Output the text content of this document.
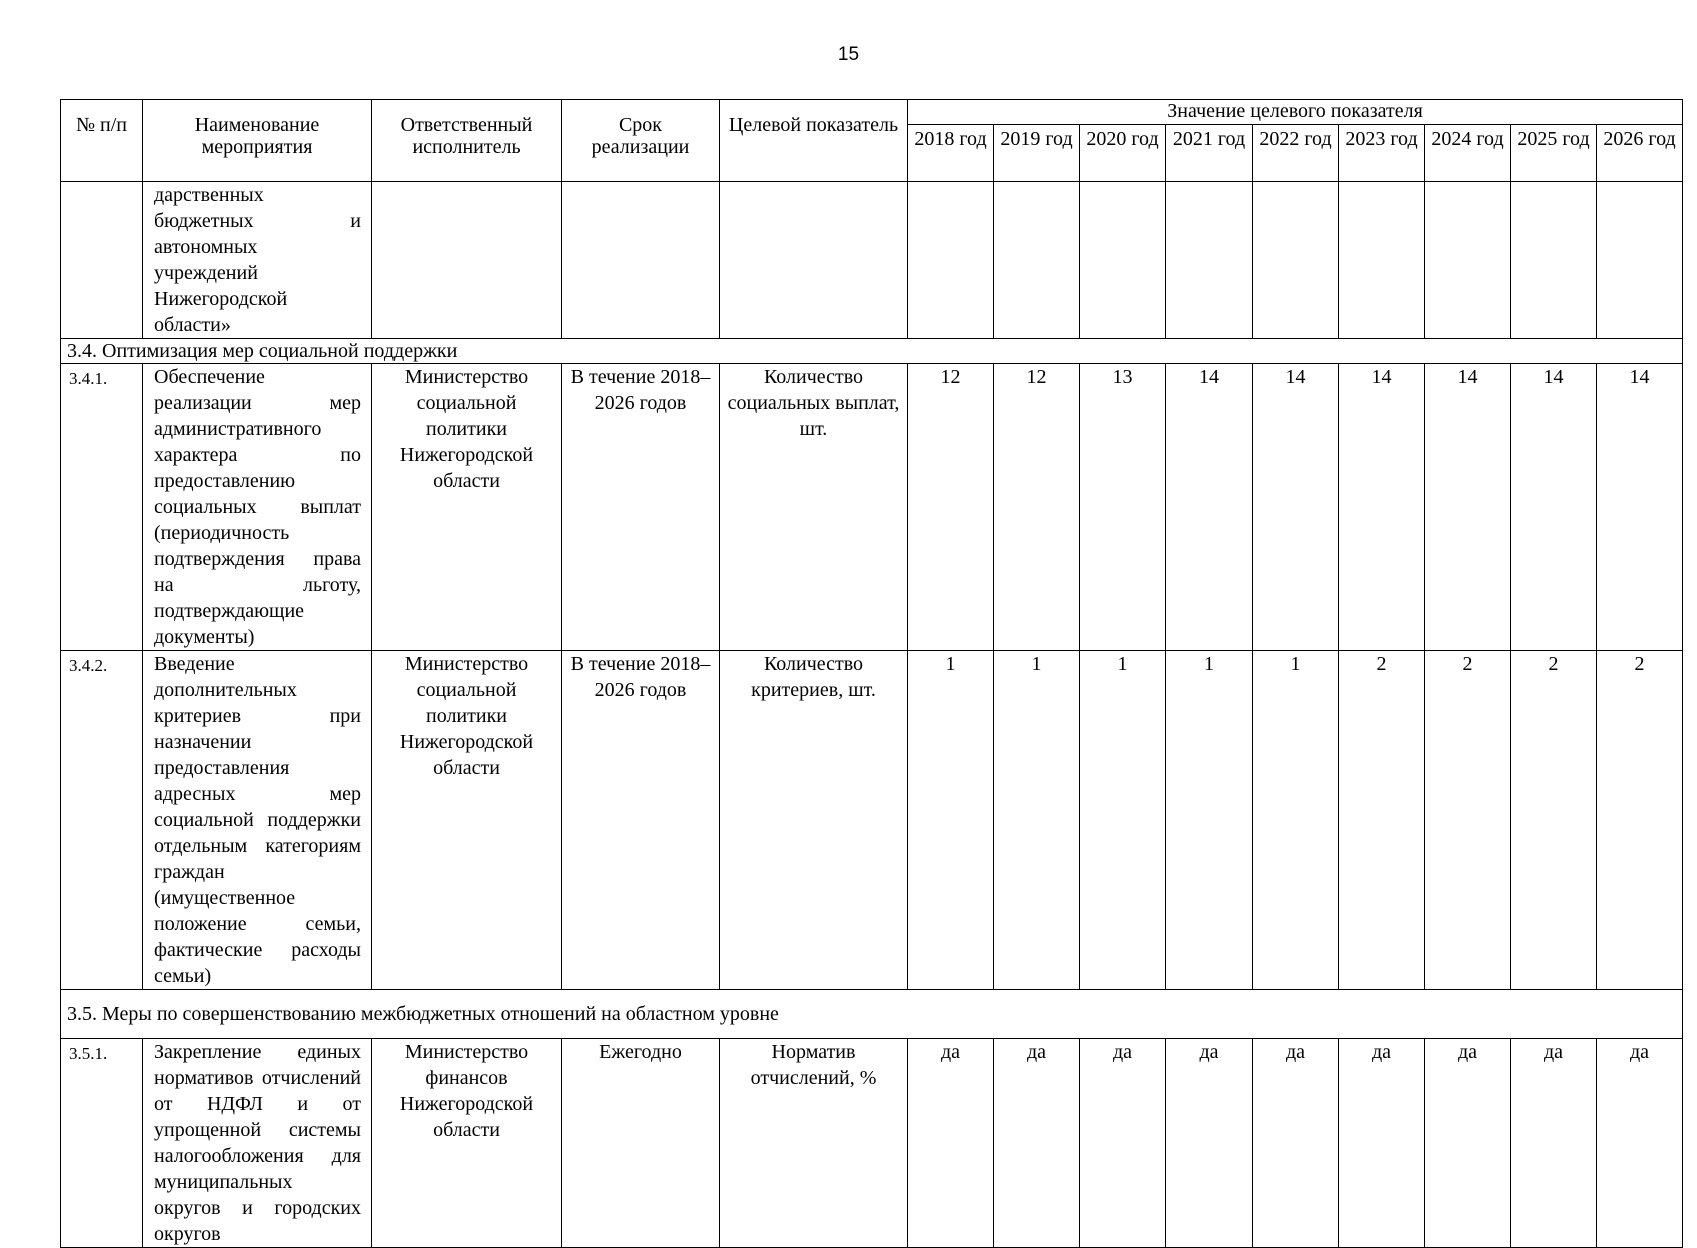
15
№ п/п	Наименование мероприятия	Ответственный исполнитель	Срок реализации	Целевой показатель	Значение целевого показателя								
					2018 год	2019 год	2020 год	2021 год	2022 год	2023 год	2024 год	2025 год	2026 год
	дарственных бюджетных и автономных учреждений Нижегородской области»												
3.4. Оптимизация мер социальной поддержки													
3.4.1.	Обеспечение реализации мер административного характера по предоставлению социальных выплат (периодичность подтверждения права на льготу, подтверждающие документы)	Министерство социальной политики Нижегородской области	В течение 2018–2026 годов	Количество социальных выплат, шт.	12	12	13	14	14	14	14	14	14
3.4.2.	Введение дополнительных критериев при назначении предоставления адресных мер социальной поддержки отдельным категориям граждан (имущественное положение семьи, фактические расходы семьи)	Министерство социальной политики Нижегородской области	В течение 2018–2026 годов	Количество критериев, шт.	1	1	1	1	1	2	2	2	2
3.5. Меры по совершенствованию межбюджетных отношений на областном уровне													
3.5.1.	Закрепление единых нормативов отчислений от НДФЛ и от упрощенной системы налогообложения для муниципальных округов и городских округов	Министерство финансов Нижегородской области	Ежегодно	Норматив отчислений, %	да	да	да	да	да	да	да	да	да
